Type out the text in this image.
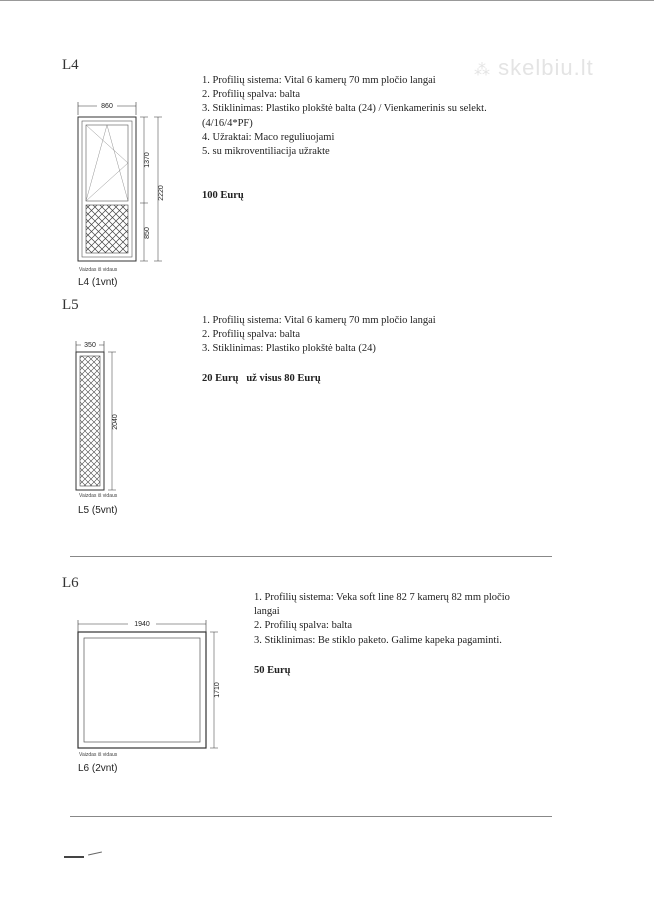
⁂ skelbiu.lt
L4
1. Profilių sistema: Vital 6 kamerų 70 mm pločio langai
2. Profilių spalva: balta
3. Stiklinimas: Plastiko plokštė balta (24) / Vienkamerinis su selekt.
(4/16/4*PF)
4. Užraktai: Maco reguliuojami
5. su mikroventiliacija užrakte
100 Eurų
860
1370
850
2220
Vaizdas iš vidaus
L4 (1vnt)
L5
1. Profilių sistema: Vital 6 kamerų 70 mm pločio langai
2. Profilių spalva: balta
3. Stiklinimas: Plastiko plokštė balta (24)
20 Eurų   už visus 80 Eurų
350
2040
Vaizdas iš vidaus
L5 (5vnt)
L6
1. Profilių sistema: Veka soft line 82 7 kamerų 82 mm pločio
langai
2. Profilių spalva: balta
3. Stiklinimas: Be stiklo paketo. Galime kapeka pagaminti.
50 Eurų
1940
1710
Vaizdas iš vidaus
L6 (2vnt)
